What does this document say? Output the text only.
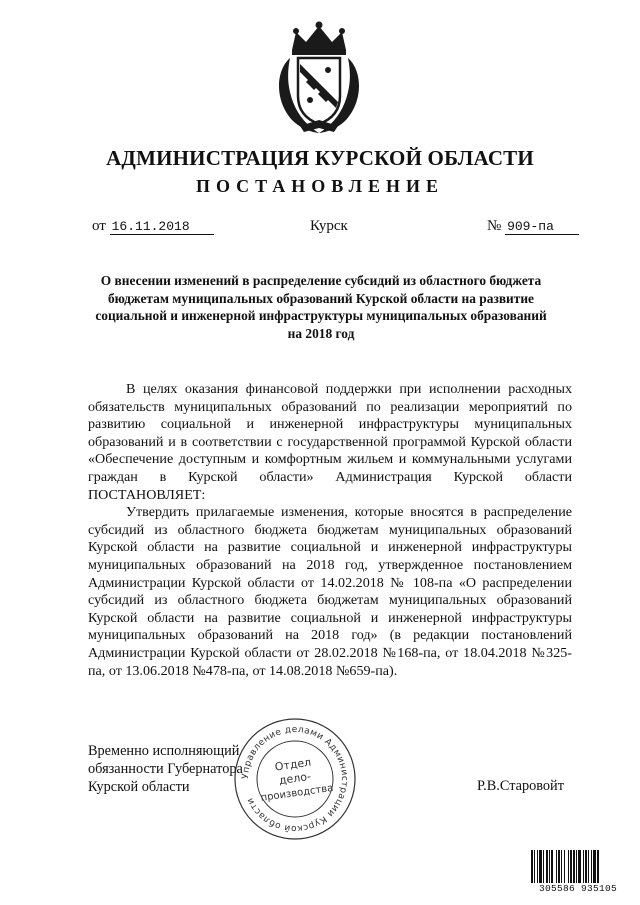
АДМИНИСТРАЦИЯ КУРСКОЙ ОБЛАСТИ
ПОСТАНОВЛЕНИЕ
от 16.11.2018	Курск	№ 909-па
О внесении изменений в распределение субсидий из областного бюджета бюджетам муниципальных образований Курской области на развитие социальной и инженерной инфраструктуры муниципальных образований на 2018 год

В целях оказания финансовой поддержки при исполнении расходных обязательств муниципальных образований по реализации мероприятий по развитию социальной и инженерной инфраструктуры муниципальных образований и в соответствии с государственной программой Курской области «Обеспечение доступным и комфортным жильем и коммунальными услугами граждан в Курской области» Администрация Курской области ПОСТАНОВЛЯЕТ:

Утвердить прилагаемые изменения, которые вносятся в распределение субсидий из областного бюджета бюджетам муниципальных образований Курской области на развитие социальной и инженерной инфраструктуры муниципальных образований на 2018 год, утвержденное постановлением Администрации Курской области от 14.02.2018 № 108-па «О распределении субсидий из областного бюджета бюджетам муниципальных образований Курской области на развитие социальной и инженерной инфраструктуры муниципальных образований на 2018 год» (в редакции постановлений Администрации Курской области от 28.02.2018 №168-па, от 18.04.2018 №325-па, от 13.06.2018 №478-па, от 14.08.2018 №659-па).

Временно исполняющий
обязанности Губернатора
Курской области	Р.В.Старовойт
Управление делами Администрации Курской области
Отдел
дело-
производства
305586 935105
